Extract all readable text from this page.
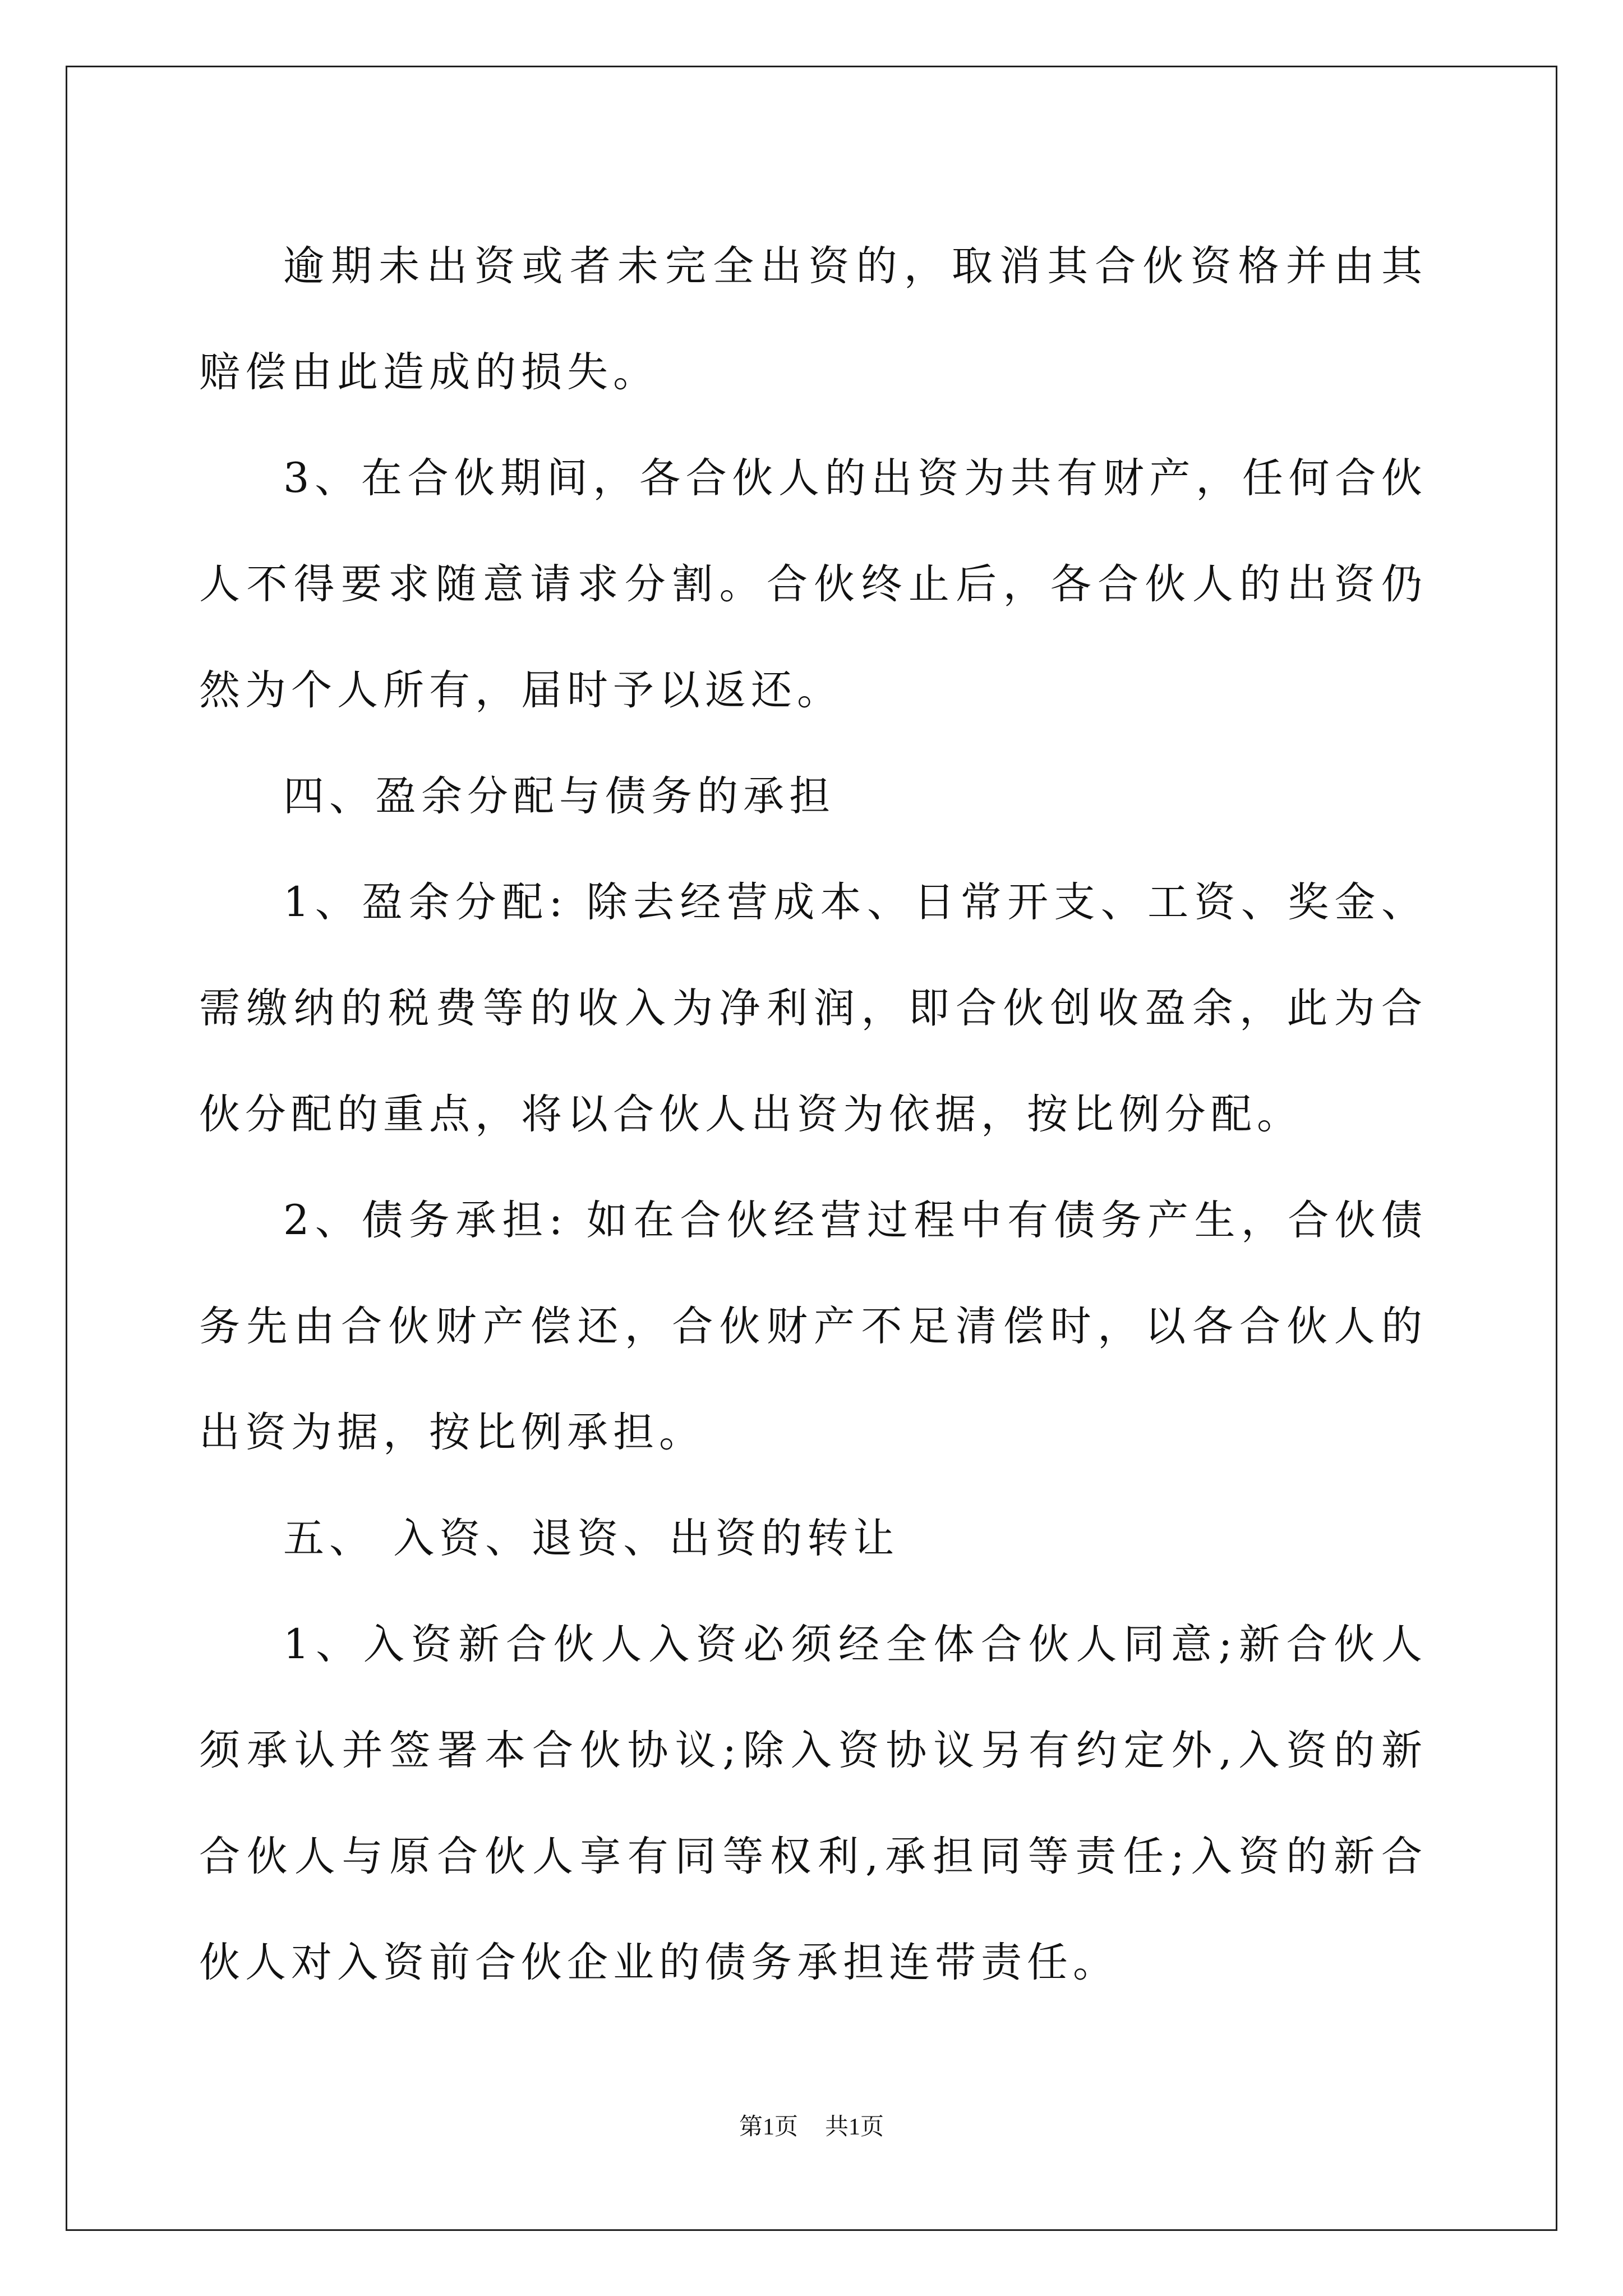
逾期未出资或者未完全出资的，取消其合伙资格并由其赔偿由此造成的损失。

3、在合伙期间，各合伙人的出资为共有财产，任何合伙人不得要求随意请求分割。合伙终止后，各合伙人的出资仍然为个人所有，届时予以返还。

四、盈余分配与债务的承担

1、盈余分配: 除去经营成本、日常开支、工资、奖金、需缴纳的税费等的收入为净利润，即合伙创收盈余，此为合伙分配的重点，将以合伙人出资为依据，按比例分配。

2、债务承担: 如在合伙经营过程中有债务产生，合伙债务先由合伙财产偿还，合伙财产不足清偿时，以各合伙人的出资为据，按比例承担。

五、 入资、退资、出资的转让

1、入资新合伙人入资必须经全体合伙人同意;新合伙人须承认并签署本合伙协议;除入资协议另有约定外,入资的新合伙人与原合伙人享有同等权利,承担同等责任;入资的新合伙人对入资前合伙企业的债务承担连带责任。

第1页 共1页
